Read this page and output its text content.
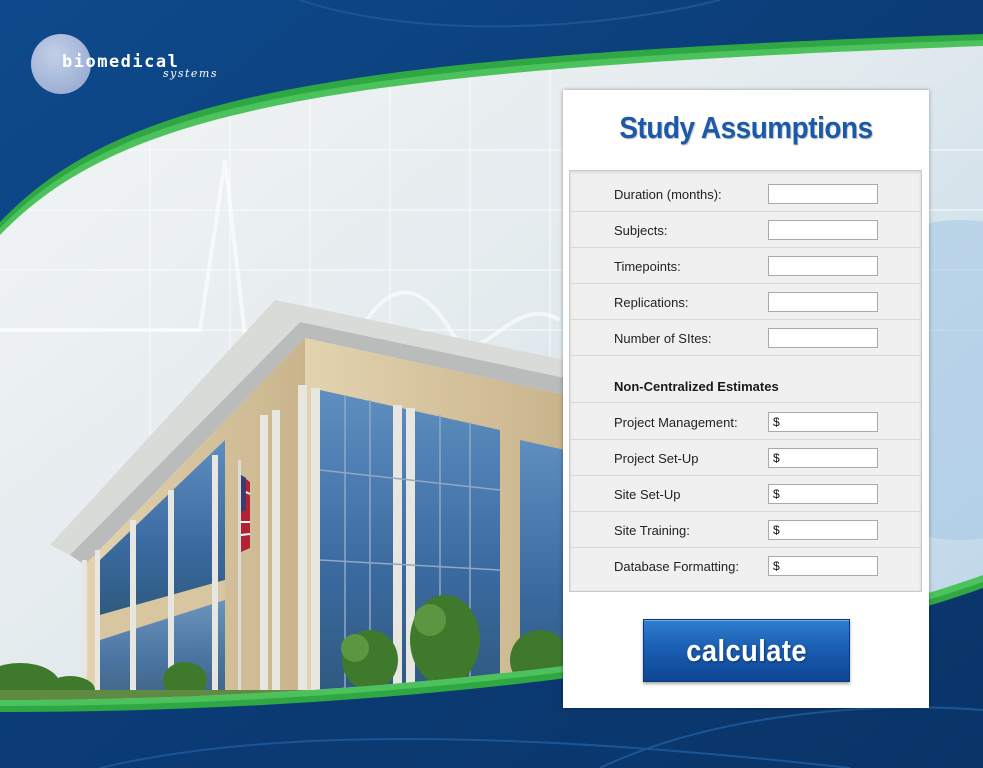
biomedical
systems
Study Assumptions
Duration (months):
Subjects:
Timepoints:
Replications:
Number of SItes:
Non-Centralized Estimates
Project Management:
$
Project Set-Up
$
Site Set-Up
$
Site Training:
$
Database Formatting:
$
calculate
